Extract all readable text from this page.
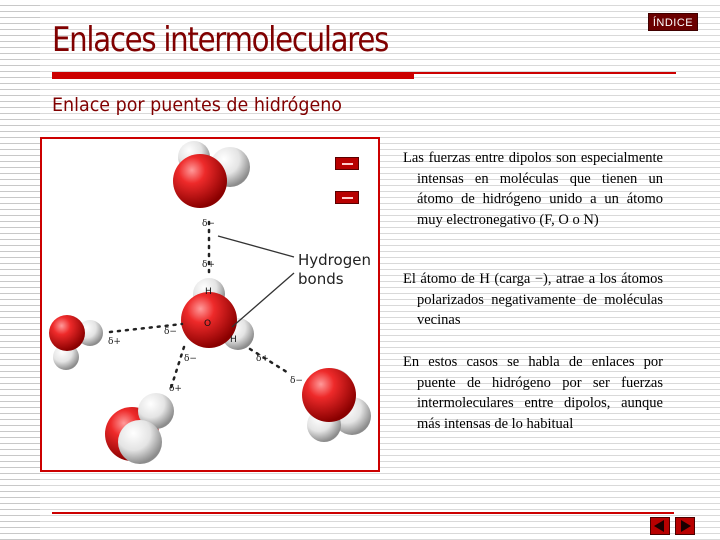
Enlaces intermoleculares	ÍNDICE
Enlace por puentes de hidrógeno
Hydrogen
bonds
H
O
H
δ−
δ+
δ+
δ−
δ−
δ+
δ+
δ−

Las fuerzas entre dipolos son especialmente intensas en moléculas que tienen un átomo de hidrógeno unido a un átomo muy electronegativo (F, O o N)

El átomo de H (carga −), atrae a los átomos polarizados negativamente de moléculas vecinas

En estos casos se habla de enlaces por puente de hidrógeno por ser fuerzas intermoleculares entre dipolos, aunque más intensas de lo habitual
